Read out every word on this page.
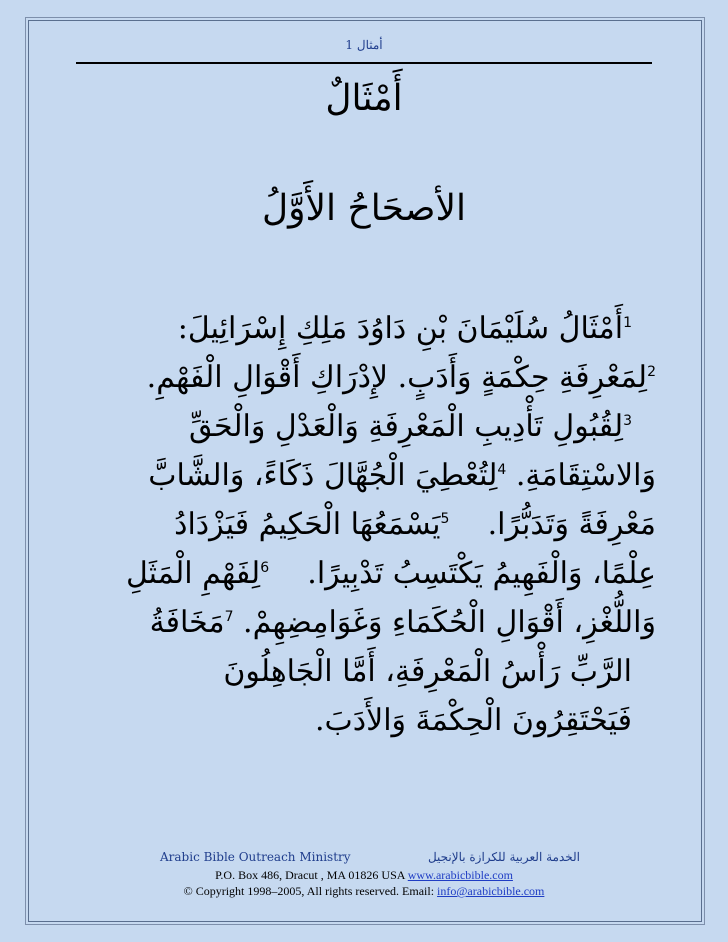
أمثال 1
أَمْثَالٌ
الأصحَاحُ الأَوَّلُ
$^1$أَمْثَالُ سُلَيْمَانَ بْنِ دَاوُدَ مَلِكِ إِسْرَائِيلَ:
$^2$لِمَعْرِفَةِ حِكْمَةٍ وَأَدَبٍ. لإِدْرَاكِ أَقْوَالِ الْفَهْمِ.
$^3$لِقُبُولِ تَأْدِيبِ الْمَعْرِفَةِ وَالْعَدْلِ وَالْحَقِّ
وَالاسْتِقَامَةِ. $^4$لِتُعْطِيَ الْجُهَّالَ ذَكَاءً، وَالشَّابَّ
مَعْرِفَةً وَتَدَبُّرًا.    $^5$يَسْمَعُهَا الْحَكِيمُ فَيَزْدَادُ
عِلْمًا، وَالْفَهِيمُ يَكْتَسِبُ تَدْبِيرًا.    $^6$لِفَهْمِ الْمَثَلِ
وَاللُّغْزِ، أَقْوَالِ الْحُكَمَاءِ وَغَوَامِضِهِمْ. $^7$مَخَافَةُ
الرَّبِّ رَأْسُ الْمَعْرِفَةِ، أَمَّا الْجَاهِلُونَ
فَيَحْتَقِرُونَ الْحِكْمَةَ وَالأَدَبَ.
Arabic Bible Outreach Ministry	الخدمة العربية للكرازة بالإنجيل
P.O. Box 486, Dracut , MA 01826 USA www.arabicbible.com
© Copyright 1998–2005, All rights reserved. Email: info@arabicbible.com
